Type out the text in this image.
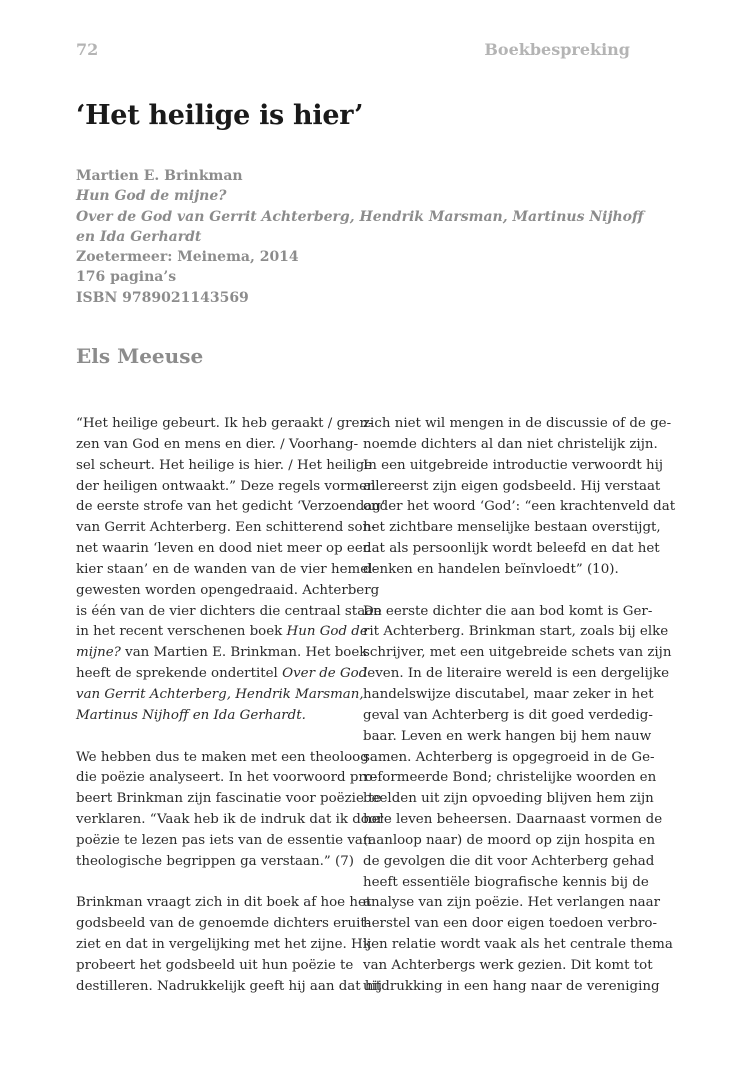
72	Boekbespreking
‘Het heilige is hier’
Martien E. Brinkman
Hun God de mijne?
Over de God van Gerrit Achterberg, Hendrik Marsman, Martinus Nijhoff
en Ida Gerhardt
Zoetermeer: Meinema, 2014
176 pagina’s
ISBN 9789021143569
Els Meeuse
“Het heilige gebeurt. Ik heb geraakt / gren-
zen van God en mens en dier. / Voorhang-
sel scheurt. Het heilige is hier. / Het heilige
der heiligen ontwaakt.” Deze regels vormen
de eerste strofe van het gedicht ‘Verzoendag’
van Gerrit Achterberg. Een schitterend son-
net waarin ‘leven en dood niet meer op een
kier staan’ en de wanden van de vier hemel-
gewesten worden opengedraaid. Achterberg
is één van de vier dichters die centraal staan
in het recent verschenen boek Hun God de
mijne? van Martien E. Brinkman. Het boek
heeft de sprekende ondertitel Over de God
van Gerrit Achterberg, Hendrik Marsman,
Martinus Nijhoff en Ida Gerhardt.
We hebben dus te maken met een theoloog
die poëzie analyseert. In het voorwoord pro-
beert Brinkman zijn fascinatie voor poëzie te
verklaren. “Vaak heb ik de indruk dat ik door
poëzie te lezen pas iets van de essentie van
theologische begrippen ga verstaan.” (7)
Brinkman vraagt zich in dit boek af hoe het
godsbeeld van de genoemde dichters eruit-
ziet en dat in vergelijking met het zijne. Hij
probeert het godsbeeld uit hun poëzie te
destilleren. Nadrukkelijk geeft hij aan dat hij
zich niet wil mengen in de discussie of de ge-
noemde dichters al dan niet christelijk zijn.
In een uitgebreide introductie verwoordt hij
allereerst zijn eigen godsbeeld. Hij verstaat
onder het woord ‘God’: “een krachtenveld dat
het zichtbare menselijke bestaan overstijgt,
dat als persoonlijk wordt beleefd en dat het
denken en handelen beïnvloedt” (10).
De eerste dichter die aan bod komt is Ger-
rit Achterberg. Brinkman start, zoals bij elke
schrijver, met een uitgebreide schets van zijn
leven. In de literaire wereld is een dergelijke
handelswijze discutabel, maar zeker in het
geval van Achterberg is dit goed verdedig-
baar. Leven en werk hangen bij hem nauw
samen. Achterberg is opgegroeid in de Ge-
reformeerde Bond; christelijke woorden en
beelden uit zijn opvoeding blijven hem zijn
hele leven beheersen. Daarnaast vormen de
(aanloop naar) de moord op zijn hospita en
de gevolgen die dit voor Achterberg gehad
heeft essentiële biografische kennis bij de
analyse van zijn poëzie. Het verlangen naar
herstel van een door eigen toedoen verbro-
ken relatie wordt vaak als het centrale thema
van Achterbergs werk gezien. Dit komt tot
uitdrukking in een hang naar de vereniging
